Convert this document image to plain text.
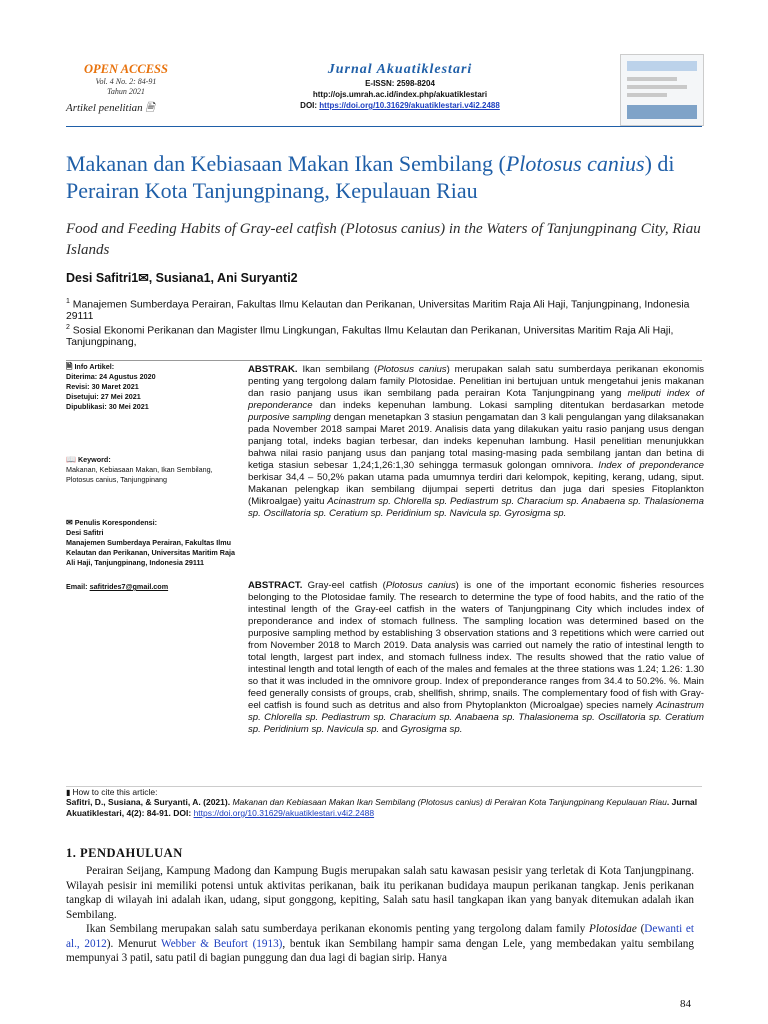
OPEN ACCESS
Vol. 4 No. 2: 84-91
Tahun 2021
Artikel penelitian 🗎
Jurnal Akuatiklestari
E-ISSN: 2598-8204
http://ojs.umrah.ac.id/index.php/akuatiklestari
DOI: https://doi.org/10.31629/akuatiklestari.v4i2.2488
Makanan dan Kebiasaan Makan Ikan Sembilang (Plotosus canius) di Perairan Kota Tanjungpinang, Kepulauan Riau
Food and Feeding Habits of Gray-eel catfish (Plotosus canius) in the Waters of Tanjungpinang City, Riau Islands
Desi Safitri1✉, Susiana1, Ani Suryanti2
$^1$ Manajemen Sumberdaya Perairan, Fakultas Ilmu Kelautan dan Perikanan, Universitas Maritim Raja Ali Haji, Tanjungpinang, Indonesia 29111
$^2$ Sosial Ekonomi Perikanan dan Magister Ilmu Lingkungan, Fakultas Ilmu Kelautan dan Perikanan, Universitas Maritim Raja Ali Haji, Tanjungpinang,
🗎 Info Artikel:
Diterima: 24 Agustus 2020
Revisi: 30 Maret 2021
Disetujui: 27 Mei 2021
Dipublikasi: 30 Mei 2021
📖 Keyword:
Makanan, Kebiasaan Makan, Ikan Sembilang, Plotosus canius, Tanjungpinang
✉ Penulis Korespondensi:
Desi Safitri
Manajemen Sumberdaya Perairan, Fakultas Ilmu Kelautan dan Perikanan, Universitas Maritim Raja Ali Haji, Tanjungpinang, Indonesia 29111
Email: safitrides7@gmail.com
ABSTRAK. Ikan sembilang (Plotosus canius) merupakan salah satu sumberdaya perikanan ekonomis penting yang tergolong dalam family Plotosidae. Penelitian ini bertujuan untuk mengetahui jenis makanan dan rasio panjang usus ikan sembilang pada perairan Kota Tanjungpinang yang meliputi index of preponderance dan indeks kepenuhan lambung. Lokasi sampling ditentukan berdasarkan metode purposive sampling dengan menetapkan 3 stasiun pengamatan dan 3 kali pengulangan yang dilaksanakan pada November 2018 sampai Maret 2019. Analisis data yang dilakukan yaitu rasio panjang usus dengan panjang total, indeks bagian terbesar, dan indeks kepenuhan lambung. Hasil penelitian menunjukkan bahwa nilai rasio panjang usus dan panjang total masing-masing pada sembilang jantan dan betina di ketiga stasiun sebesar 1,24;1,26:1,30 sehingga termasuk golongan omnivora. Index of preponderance berkisar 34,4 – 50,2% pakan utama pada umumnya terdiri dari kelompok, kepiting, kerang, udang, siput. Makanan pelengkap ikan sembilang dijumpai seperti detritus dan juga dari spesies Fitoplankton (Mikroalgae) yaitu Acinastrum sp. Chlorella sp. Pediastrum sp. Characium sp. Anabaena sp. Thalasionema sp. Oscillatoria sp. Ceratium sp. Peridinium sp. Navicula sp. Gyrosigma sp.
ABSTRACT. Gray-eel catfish (Plotosus canius) is one of the important economic fisheries resources belonging to the Plotosidae family. The research to determine the type of food habits, and the ratio of the intestinal length of the Gray-eel catfish in the waters of Tanjungpinang City which includes index of preponderance and index of stomach fullness. The sampling location was determined based on the purposive sampling method by establishing 3 observation stations and 3 repetitions which were carried out from November 2018 to March 2019. Data analysis was carried out namely the ratio of intestinal length to total length, largest part index, and stomach fullness index. The results showed that the ratio value of intestinal length and total length of each of the males and females at the three stations was 1.24; 1.26: 1.30 so that it was included in the omnivore group. Index of preponderance ranges from 34.4 to 50.2%. %. Main feed generally consists of groups, crab, shellfish, shrimp, snails. The complementary food of fish with Gray-eel catfish is found such as detritus and also from Phytoplankton (Microalgae) species namely Acinastrum sp. Chlorella sp. Pediastrum sp. Characium sp. Anabaena sp. Thalasionema sp. Oscillatoria sp. Ceratium sp. Peridinium sp. Navicula sp. and Gyrosigma sp.
▮ How to cite this article:
Safitri, D., Susiana, & Suryanti, A. (2021). Makanan dan Kebiasaan Makan Ikan Sembilang (Plotosus canius) di Perairan Kota Tanjungpinang Kepulauan Riau. Jurnal Akuatiklestari, 4(2): 84-91. DOI: https://doi.org/10.31629/akuatiklestari.v4i2.2488
1. PENDAHULUAN
Perairan Seijang, Kampung Madong dan Kampung Bugis merupakan salah satu kawasan pesisir yang terletak di Kota Tanjungpinang. Wilayah pesisir ini memiliki potensi untuk aktivitas perikanan, baik itu perikanan budidaya maupun perikanan tangkap. Jenis perikanan tangkap di wilayah ini adalah ikan, udang, siput gonggong, kepiting, Salah satu hasil tangkapan ikan yang banyak ditemukan adalah ikan Sembilang.
Ikan Sembilang merupakan salah satu sumberdaya perikanan ekonomis penting yang tergolong dalam family Plotosidae (Dewanti et al., 2012). Menurut Webber & Beufort (1913), bentuk ikan Sembilang hampir sama dengan Lele, yang membedakan yaitu sembilang mempunyai 3 patil, satu patil di bagian punggung dan dua lagi di bagian sirip. Hanya
84
